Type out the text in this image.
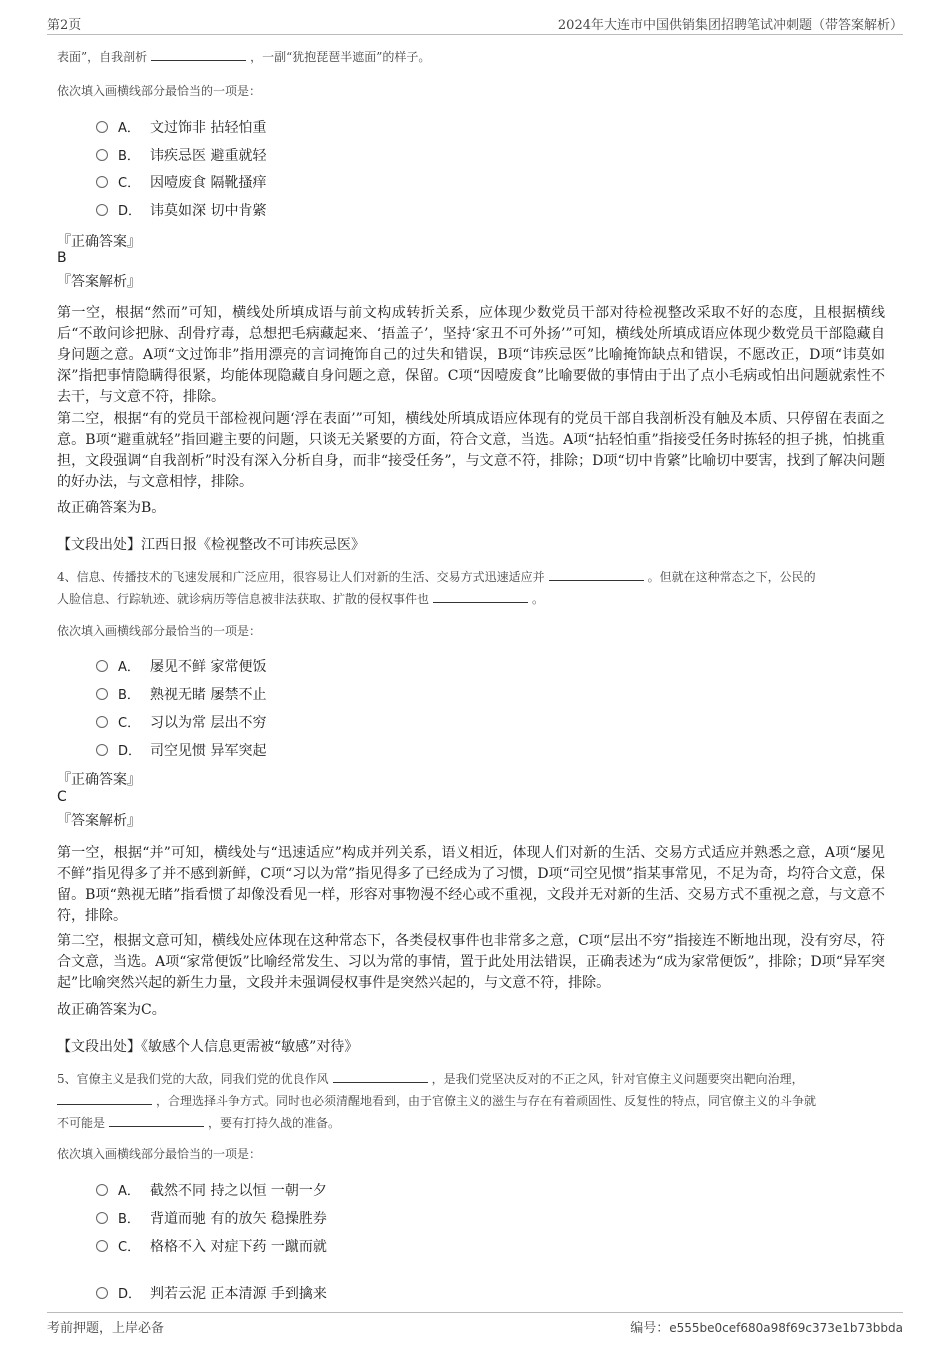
第2页	2024年大连市中国供销集团招聘笔试冲刺题（带答案解析）
表面”，自我剖析	，一副“犹抱琵琶半遮面”的样子。
依次填入画横线部分最恰当的一项是：
A． 文过饰非 拈轻怕重
B． 讳疾忌医 避重就轻
C． 因噎废食 隔靴搔痒
D． 讳莫如深 切中肯綮
『正确答案』
B
『答案解析』
第一空，根据“然而”可知，横线处所填成语与前文构成转折关系，应体现少数党员干部对待检视整改采取不好的态度，且根据横线后“不敢问诊把脉、刮骨疗毒，总想把毛病藏起来、‘捂盖子’，坚持‘家丑不可外扬’”可知，横线处所填成语应体现少数党员干部隐藏自身问题之意。A项“文过饰非”指用漂亮的言词掩饰自己的过失和错误，B项“讳疾忌医”比喻掩饰缺点和错误，不愿改正，D项“讳莫如深”指把事情隐瞒得很紧，均能体现隐藏自身问题之意，保留。C项“因噎废食”比喻要做的事情由于出了点小毛病或怕出问题就索性不去干，与文意不符，排除。
第二空，根据“有的党员干部检视问题‘浮在表面’”可知，横线处所填成语应体现有的党员干部自我剖析没有触及本质、只停留在表面之意。B项“避重就轻”指回避主要的问题，只谈无关紧要的方面，符合文意，当选。A项“拈轻怕重”指接受任务时拣轻的担子挑，怕挑重担，文段强调“自我剖析”时没有深入分析自身，而非“接受任务”，与文意不符，排除；D项“切中肯綮”比喻切中要害，找到了解决问题的好办法，与文意相悖，排除。
故正确答案为B。
【文段出处】江西日报《检视整改不可讳疾忌医》
4、信息、传播技术的飞速发展和广泛应用，很容易让人们对新的生活、交易方式迅速适应并	。但就在这种常态之下，公民的
人脸信息、行踪轨迹、就诊病历等信息被非法获取、扩散的侵权事件也	。
依次填入画横线部分最恰当的一项是：
A． 屡见不鲜 家常便饭
B． 熟视无睹 屡禁不止
C． 习以为常 层出不穷
D． 司空见惯 异军突起
『正确答案』
C
『答案解析』
第一空，根据“并”可知，横线处与“迅速适应”构成并列关系，语义相近，体现人们对新的生活、交易方式适应并熟悉之意，A项“屡见不鲜”指见得多了并不感到新鲜，C项“习以为常”指见得多了已经成为了习惯，D项“司空见惯”指某事常见，不足为奇，均符合文意，保留。B项“熟视无睹”指看惯了却像没看见一样，形容对事物漫不经心或不重视，文段并无对新的生活、交易方式不重视之意，与文意不符，排除。
第二空，根据文意可知，横线处应体现在这种常态下，各类侵权事件也非常多之意，C项“层出不穷”指接连不断地出现，没有穷尽，符合文意，当选。A项“家常便饭”比喻经常发生、习以为常的事情，置于此处用法错误，正确表述为“成为家常便饭”，排除；D项“异军突起”比喻突然兴起的新生力量，文段并未强调侵权事件是突然兴起的，与文意不符，排除。
故正确答案为C。
【文段出处】《敏感个人信息更需被“敏感”对待》
5、官僚主义是我们党的大敌，同我们党的优良作风	，是我们党坚决反对的不正之风，针对官僚主义问题要突出靶向治理，
，合理选择斗争方式。同时也必须清醒地看到，由于官僚主义的滋生与存在有着顽固性、反复性的特点，同官僚主义的斗争就
不可能是	，要有打持久战的准备。
依次填入画横线部分最恰当的一项是：
A． 截然不同 持之以恒 一朝一夕
B． 背道而驰 有的放矢 稳操胜券
C． 格格不入 对症下药 一蹴而就
D． 判若云泥 正本清源 手到擒来
考前押题，上岸必备	编号：e555be0cef680a98f69c373e1b73bbda
